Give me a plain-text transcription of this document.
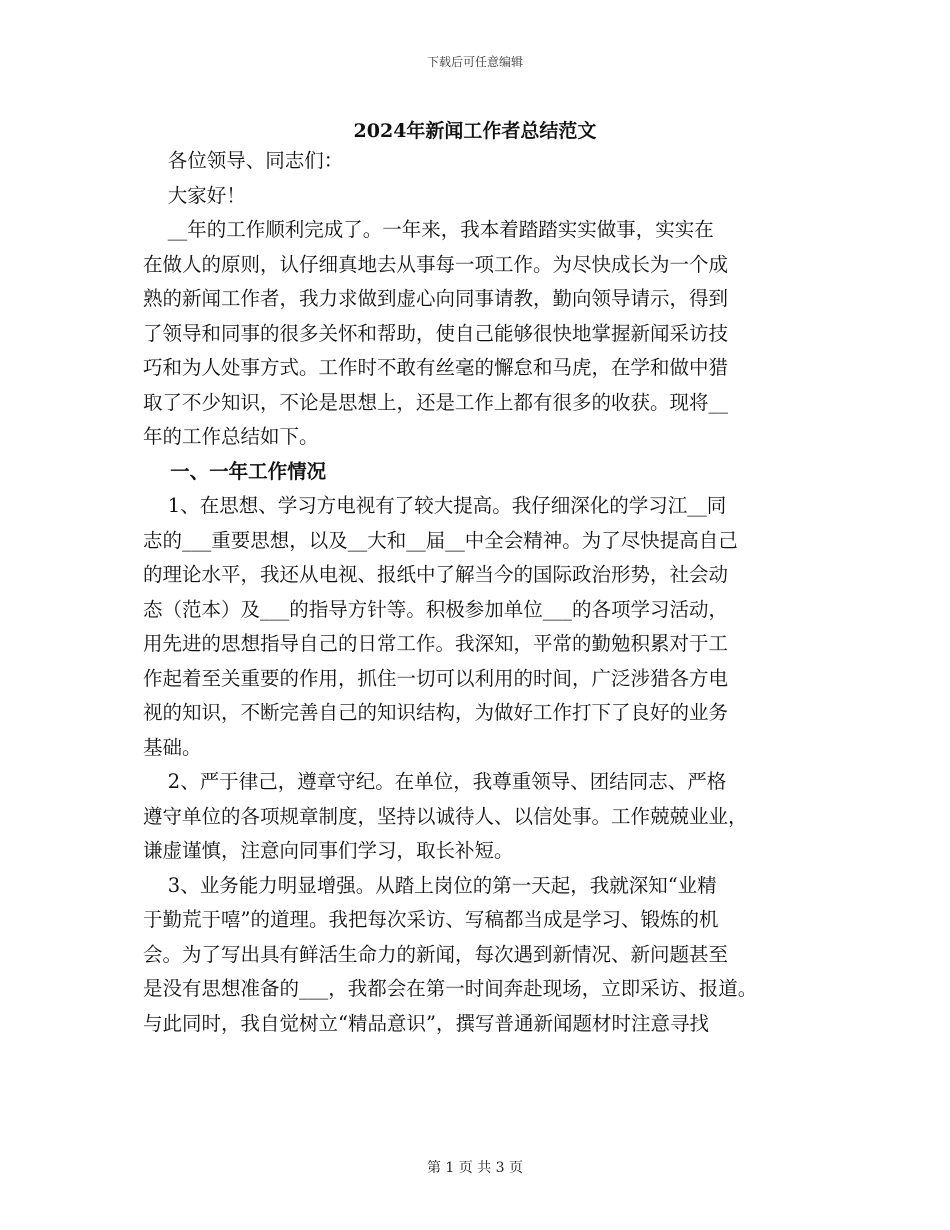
下载后可任意编辑
2024年新闻工作者总结范文

各位领导、同志们：

大家好！

__年的工作顺利完成了。一年来，我本着踏踏实实做事，实实在

在做人的原则，认仔细真地去从事每一项工作。为尽快成长为一个成

熟的新闻工作者，我力求做到虚心向同事请教，勤向领导请示，得到

了领导和同事的很多关怀和帮助，使自己能够很快地掌握新闻采访技

巧和为人处事方式。工作时不敢有丝毫的懈怠和马虎，在学和做中猎

取了不少知识，不论是思想上，还是工作上都有很多的收获。现将__

年的工作总结如下。

一、一年工作情况

1、在思想、学习方电视有了较大提高。我仔细深化的学习江__同

志的___重要思想，以及__大和__届__中全会精神。为了尽快提高自己

的理论水平，我还从电视、报纸中了解当今的国际政治形势，社会动

态（范本）及___的指导方针等。积极参加单位___的各项学习活动，

用先进的思想指导自己的日常工作。我深知，平常的勤勉积累对于工

作起着至关重要的作用，抓住一切可以利用的时间，广泛涉猎各方电

视的知识，不断完善自己的知识结构，为做好工作打下了良好的业务

基础。

2、严于律己，遵章守纪。在单位，我尊重领导、团结同志、严格

遵守单位的各项规章制度，坚持以诚待人、以信处事。工作兢兢业业，

谦虚谨慎，注意向同事们学习，取长补短。

3、业务能力明显增强。从踏上岗位的第一天起，我就深知“业精

于勤荒于嘻”的道理。我把每次采访、写稿都当成是学习、锻炼的机

会。为了写出具有鲜活生命力的新闻，每次遇到新情况、新问题甚至

是没有思想准备的___，我都会在第一时间奔赴现场，立即采访、报道。

与此同时，我自觉树立“精品意识”，撰写普通新闻题材时注意寻找

第 1 页 共 3 页
